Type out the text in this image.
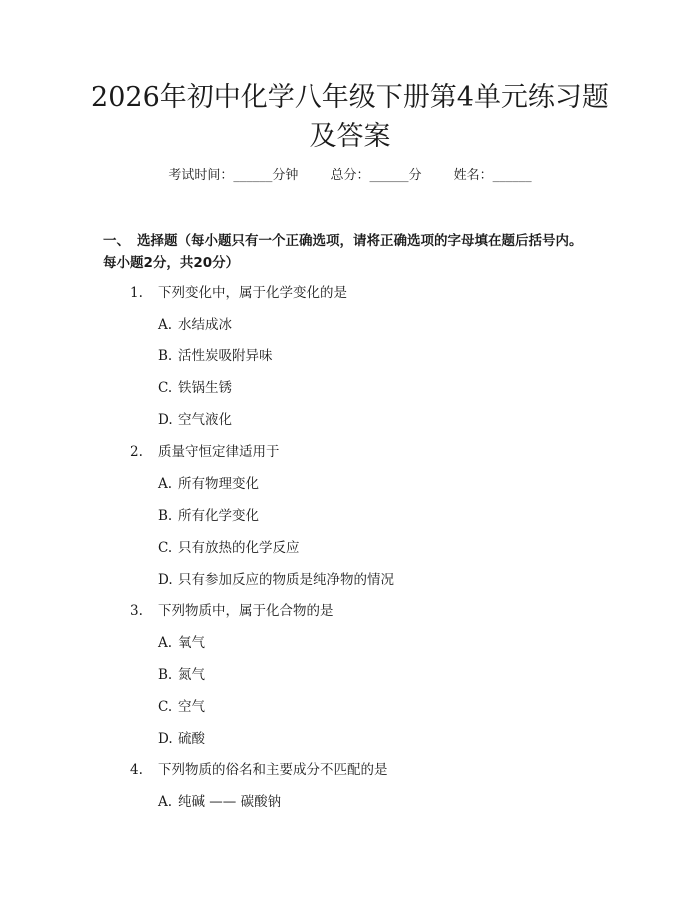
2026年初中化学八年级下册第4单元练习题
及答案
考试时间：______分钟 总分：______分 姓名：______
一、 选择题（每小题只有一个正确选项，请将正确选项的字母填在题后括号内。
每小题2分，共20分）
1. 下列变化中，属于化学变化的是
A. 水结成冰
B. 活性炭吸附异味
C. 铁锅生锈
D. 空气液化
2. 质量守恒定律适用于
A. 所有物理变化
B. 所有化学变化
C. 只有放热的化学反应
D. 只有参加反应的物质是纯净物的情况
3. 下列物质中，属于化合物的是
A. 氧气
B. 氮气
C. 空气
D. 硫酸
4. 下列物质的俗名和主要成分不匹配的是
A. 纯碱 —— 碳酸钠
